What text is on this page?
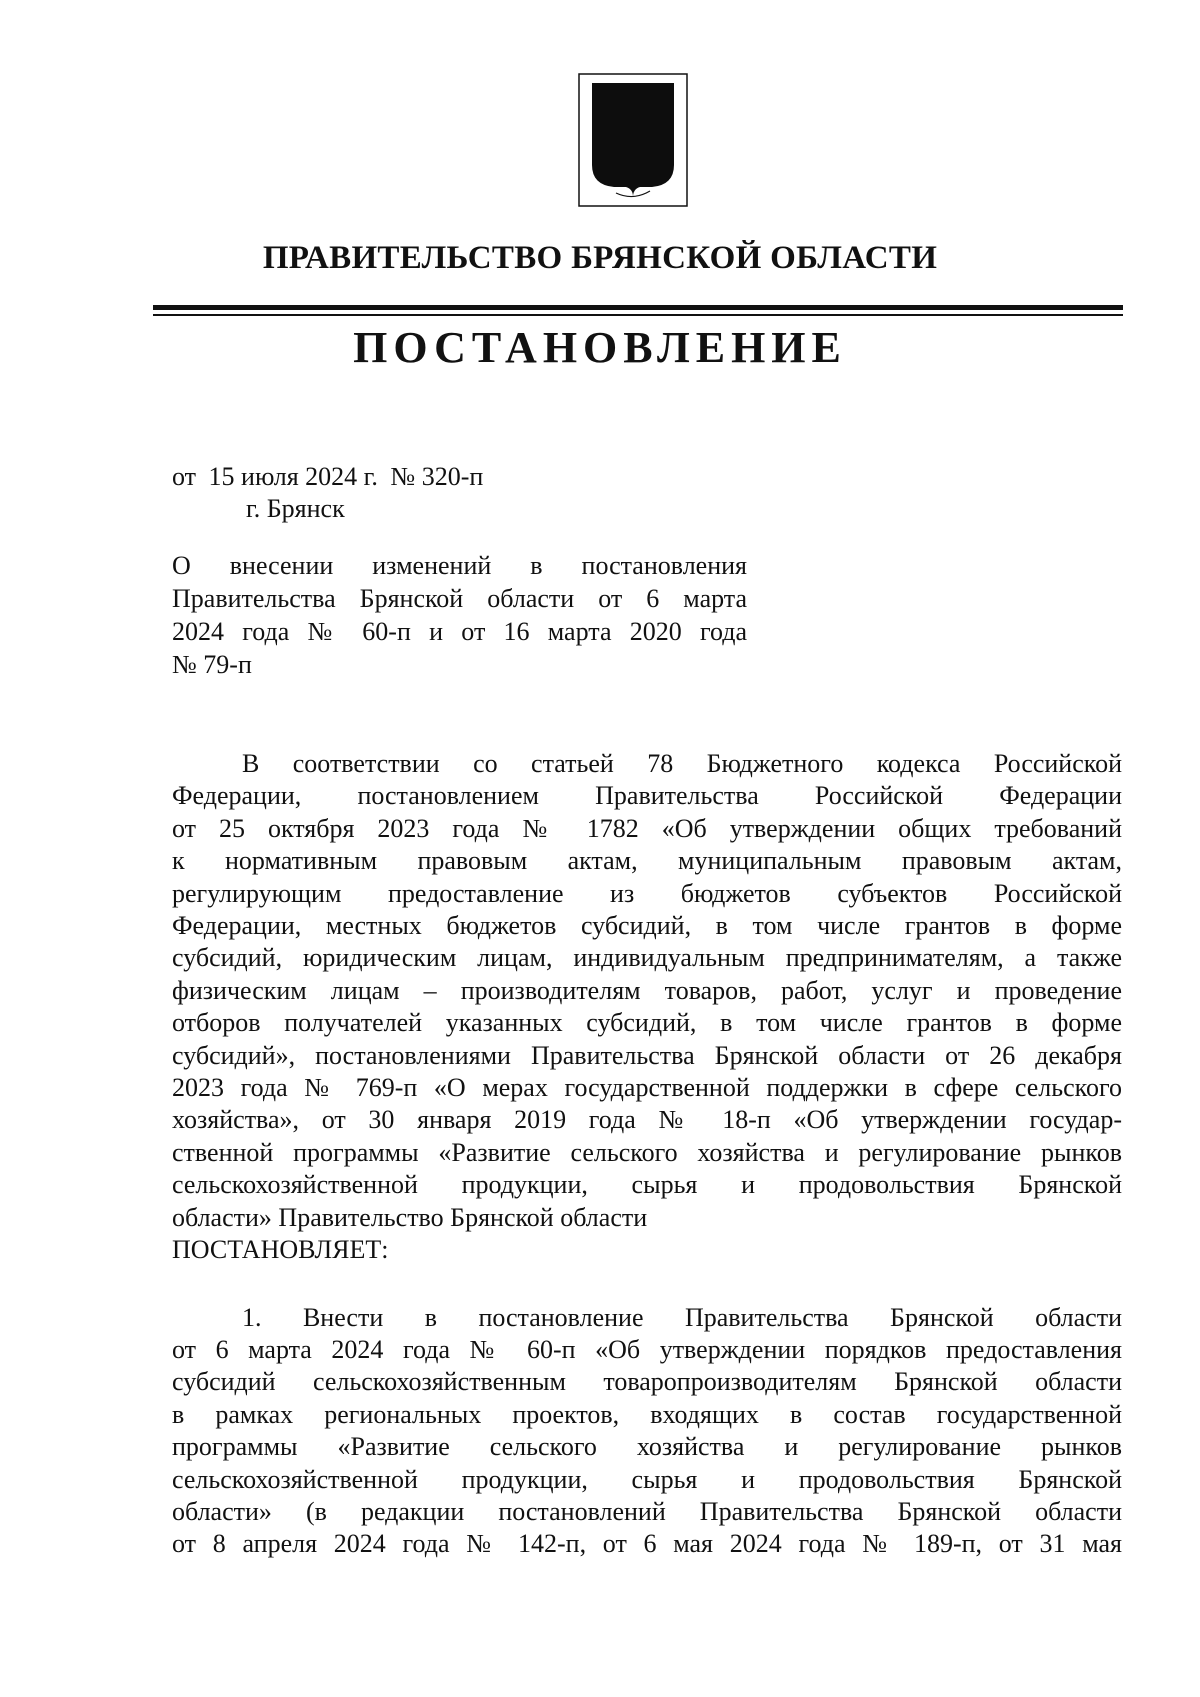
ПРАВИТЕЛЬСТВО БРЯНСКОЙ ОБЛАСТИ
ПОСТАНОВЛЕНИЕ
от 15 июля 2024 г. № 320-п
г. Брянск
О внесении изменений в постановления
Правительства Брянской области от 6 марта
2024 года № 60-п и от 16 марта 2020 года
№ 79-п
В соответствии со статьей 78 Бюджетного кодекса Российской
Федерации, постановлением Правительства Российской Федерации
от 25 октября 2023 года № 1782 «Об утверждении общих требований
к нормативным правовым актам, муниципальным правовым актам,
регулирующим предоставление из бюджетов субъектов Российской
Федерации, местных бюджетов субсидий, в том числе грантов в форме
субсидий, юридическим лицам, индивидуальным предпринимателям, а также
физическим лицам – производителям товаров, работ, услуг и проведение
отборов получателей указанных субсидий, в том числе грантов в форме
субсидий», постановлениями Правительства Брянской области от 26 декабря
2023 года № 769-п «О мерах государственной поддержки в сфере сельского
хозяйства», от 30 января 2019 года № 18-п «Об утверждении государ-
ственной программы «Развитие сельского хозяйства и регулирование рынков
сельскохозяйственной продукции, сырья и продовольствия Брянской
области» Правительство Брянской области
ПОСТАНОВЛЯЕТ:
1. Внести в постановление Правительства Брянской области
от 6 марта 2024 года № 60-п «Об утверждении порядков предоставления
субсидий сельскохозяйственным товаропроизводителям Брянской области
в рамках региональных проектов, входящих в состав государственной
программы «Развитие сельского хозяйства и регулирование рынков
сельскохозяйственной продукции, сырья и продовольствия Брянской
области» (в редакции постановлений Правительства Брянской области
от 8 апреля 2024 года № 142-п, от 6 мая 2024 года № 189-п, от 31 мая
